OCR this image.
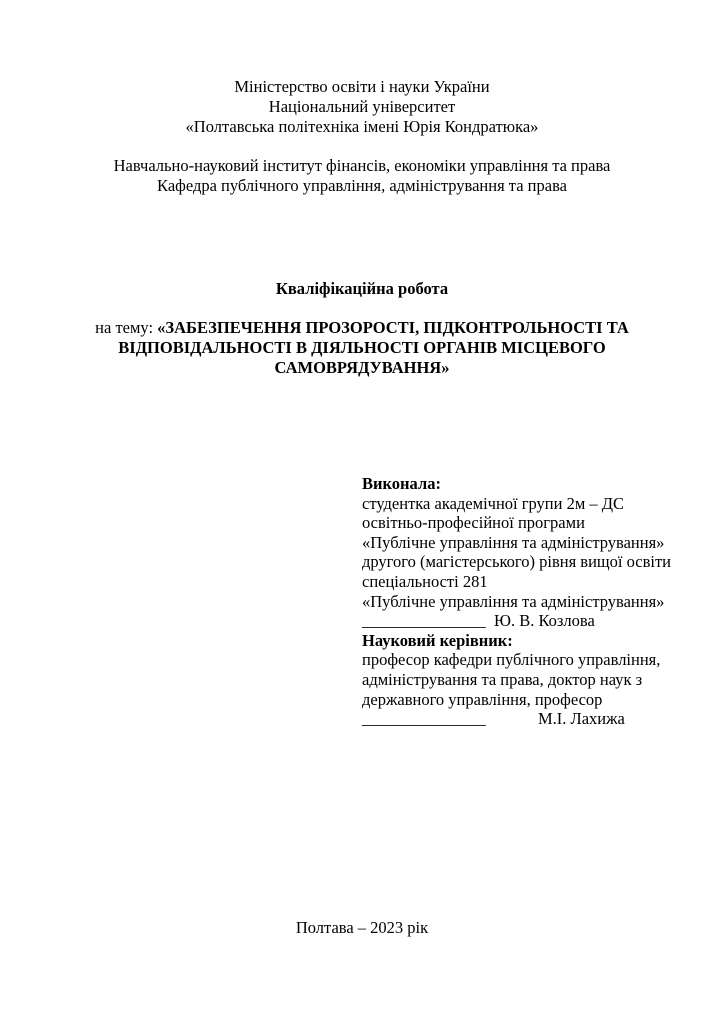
Міністерство освіти і науки України
Національний університет
«Полтавська політехніка імені Юрія Кондратюка»
Навчально-науковий інститут фінансів, економіки управління та права
Кафедра публічного управління, адміністрування та права
Кваліфікаційна робота
на тему: «ЗАБЕЗПЕЧЕННЯ ПРОЗОРОСТІ, ПІДКОНТРОЛЬНОСТІ ТА
ВІДПОВІДАЛЬНОСТІ В ДІЯЛЬНОСТІ ОРГАНІВ МІСЦЕВОГО
САМОВРЯДУВАННЯ»
Виконала:
студентка академічної групи 2м – ДС
освітньо-професійної програми
«Публічне управління та адміністрування»
другого (магістерського) рівня вищої освіти
спеціальності 281
«Публічне управління та адміністрування»
_______________ Ю. В. Козлова
Науковий керівник:
професор кафедри публічного управління,
адміністрування та права, доктор наук з
державного управління, професор
_______________	М.І. Лахижа
Полтава – 2023 рік
